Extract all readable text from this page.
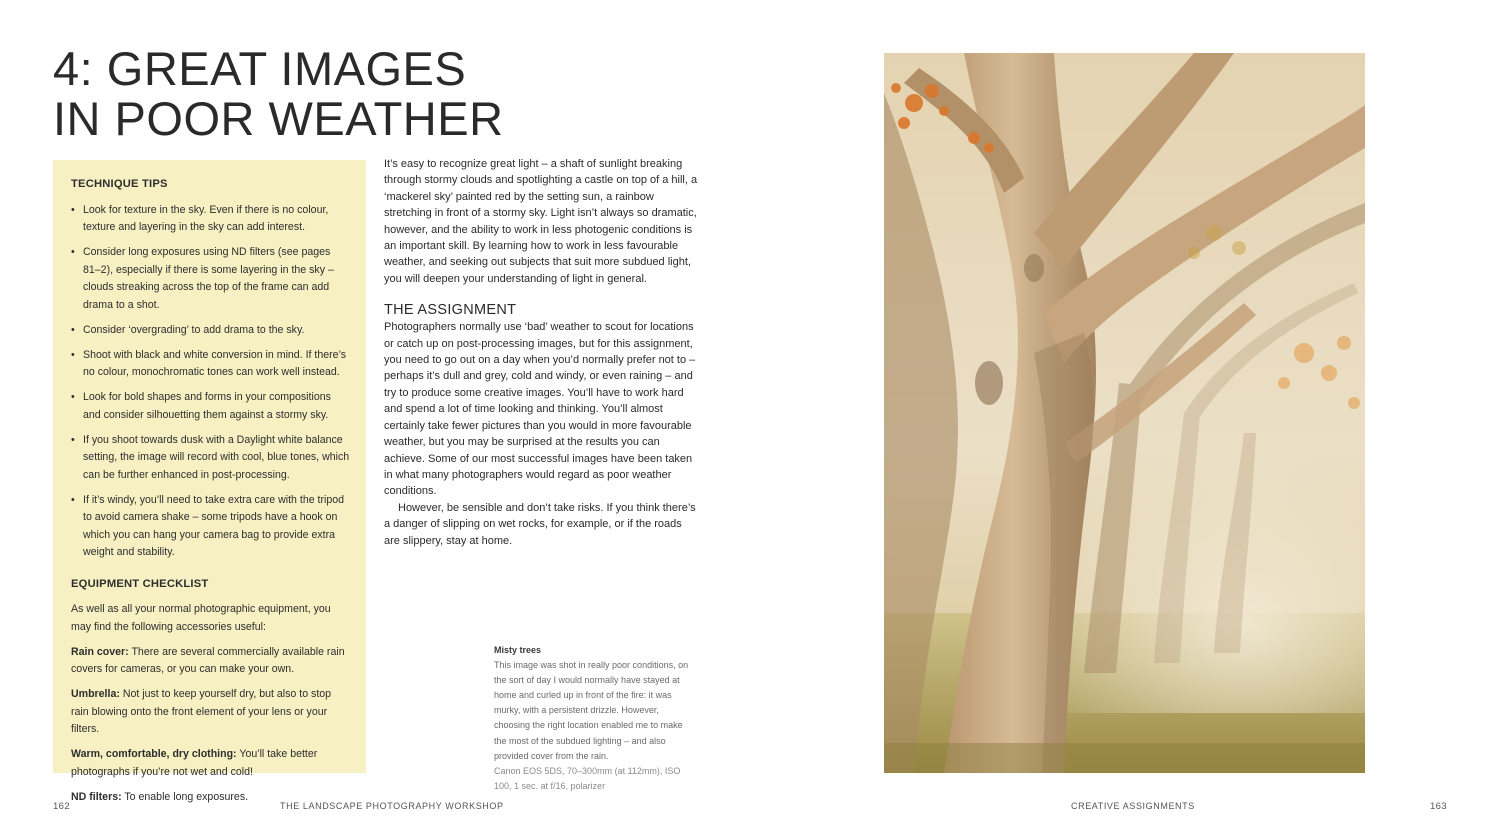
4: GREAT IMAGES
IN POOR WEATHER
TECHNIQUE TIPS
• Look for texture in the sky. Even if there is no colour, texture and layering in the sky can add interest.
• Consider long exposures using ND filters (see pages 81–2), especially if there is some layering in the sky – clouds streaking across the top of the frame can add drama to a shot.
• Consider ‘overgrading’ to add drama to the sky.
• Shoot with black and white conversion in mind. If there’s no colour, monochromatic tones can work well instead.
• Look for bold shapes and forms in your compositions and consider silhouetting them against a stormy sky.
• If you shoot towards dusk with a Daylight white balance setting, the image will record with cool, blue tones, which can be further enhanced in post-processing.
• If it’s windy, you’ll need to take extra care with the tripod to avoid camera shake – some tripods have a hook on which you can hang your camera bag to provide extra weight and stability.
EQUIPMENT CHECKLIST

As well as all your normal photographic equipment, you may find the following accessories useful:

Rain cover: There are several commercially available rain covers for cameras, or you can make your own.

Umbrella: Not just to keep yourself dry, but also to stop rain blowing onto the front element of your lens or your filters.

Warm, comfortable, dry clothing: You’ll take better photographs if you’re not wet and cold!

ND filters: To enable long exposures.

It’s easy to recognize great light – a shaft of sunlight breaking through stormy clouds and spotlighting a castle on top of a hill, a ‘mackerel sky’ painted red by the setting sun, a rainbow stretching in front of a stormy sky. Light isn’t always so dramatic, however, and the ability to work in less photogenic conditions is an important skill. By learning how to work in less favourable weather, and seeking out subjects that suit more subdued light, you will deepen your understanding of light in general.

THE ASSIGNMENT

Photographers normally use ‘bad’ weather to scout for locations or catch up on post-processing images, but for this assignment, you need to go out on a day when you’d normally prefer not to – perhaps it’s dull and grey, cold and windy, or even raining – and try to produce some creative images. You’ll have to work hard and spend a lot of time looking and thinking. You’ll almost certainly take fewer pictures than you would in more favourable weather, but you may be surprised at the results you can achieve. Some of our most successful images have been taken in what many photographers would regard as poor weather conditions.

However, be sensible and don’t take risks. If you think there’s a danger of slipping on wet rocks, for example, or if the roads are slippery, stay at home.

Misty trees
This image was shot in really poor conditions, on the sort of day I would normally have stayed at home and curled up in front of the fire: it was murky, with a persistent drizzle. However, choosing the right location enabled me to make the most of the subdued lighting – and also provided cover from the rain.
Canon EOS 5DS, 70–300mm (at 112mm), ISO 100, 1 sec. at f/16, polarizer
162	THE LANDSCAPE PHOTOGRAPHY WORKSHOP	CREATIVE ASSIGNMENTS	163
